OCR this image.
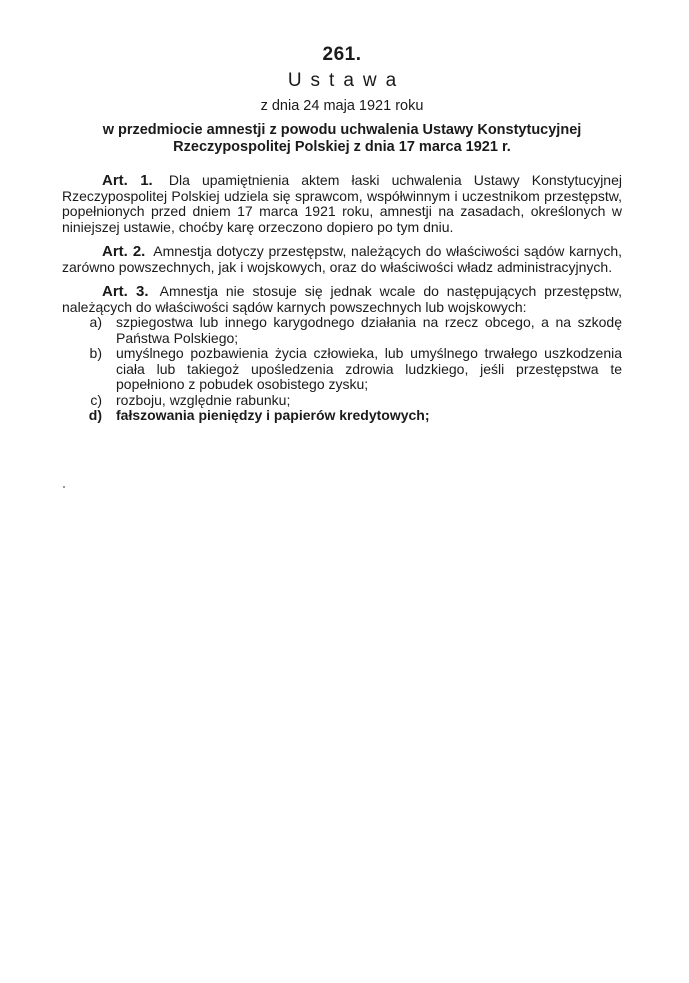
261.
Ustawa
z dnia 24 maja 1921 roku
w przedmiocie amnestji z powodu uchwalenia Ustawy Konstytucyjnej Rzeczypospolitej Polskiej z dnia 17 marca 1921 r.

Art. 1. Dla upamiętnienia aktem łaski uchwalenia Ustawy Konstytucyjnej Rzeczypospolitej Polskiej udziela się sprawcom, współwinnym i uczestnikom przestępstw, popełnionych przed dniem 17 marca 1921 roku, amnestji na zasadach, określonych w niniejszej ustawie, choćby karę orzeczono dopiero po tym dniu.

Art. 2. Amnestja dotyczy przestępstw, należących do właściwości sądów karnych, zarówno powszechnych, jak i wojskowych, oraz do właściwości władz administracyjnych.

Art. 3. Amnestja nie stosuje się jednak wcale do następujących przestępstw, należących do właściwości sądów karnych powszechnych lub wojskowych:

a)	szpiegostwa lub innego karygodnego działania na rzecz obcego, a na szkodę Państwa Polskiego;
b)	umyślnego pozbawienia życia człowieka, lub umyślnego trwałego uszkodzenia ciała lub takiegoż upośledzenia zdrowia ludzkiego, jeśli przestępstwa te popełniono z pobudek osobistego zysku;
c)	rozboju, względnie rabunku;
d)	fałszowania pieniędzy i papierów kredytowych;
